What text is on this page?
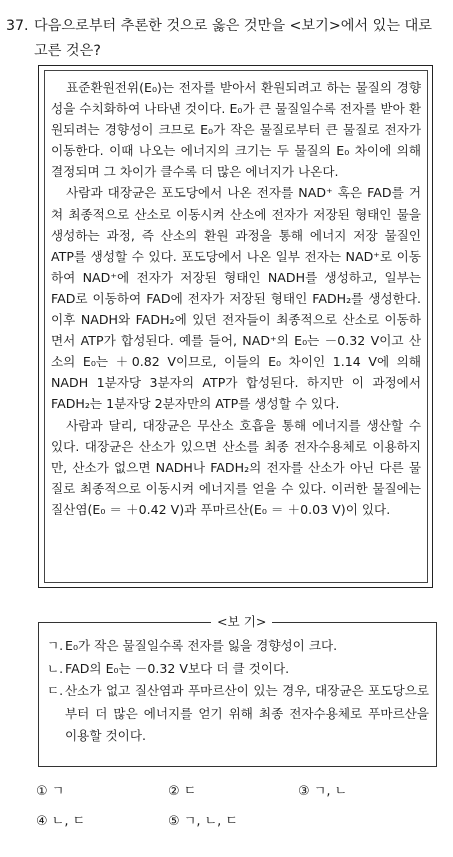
37. 다음으로부터 추론한 것으로 옳은 것만을 <보기>에서 있는 대로
고른 것은?

표준환원전위(E₀)는 전자를 받아서 환원되려고 하는 물질의 경향성을 수치화하여 나타낸 것이다. E₀가 큰 물질일수록 전자를 받아 환원되려는 경향성이 크므로 E₀가 작은 물질로부터 큰 물질로 전자가 이동한다. 이때 나오는 에너지의 크기는 두 물질의 E₀ 차이에 의해 결정되며 그 차이가 클수록 더 많은 에너지가 나온다.

사람과 대장균은 포도당에서 나온 전자를 NAD⁺ 혹은 FAD를 거쳐 최종적으로 산소로 이동시켜 산소에 전자가 저장된 형태인 물을 생성하는 과정, 즉 산소의 환원 과정을 통해 에너지 저장 물질인 ATP를 생성할 수 있다. 포도당에서 나온 일부 전자는 NAD⁺로 이동하여 NAD⁺에 전자가 저장된 형태인 NADH를 생성하고, 일부는 FAD로 이동하여 FAD에 전자가 저장된 형태인 FADH₂를 생성한다. 이후 NADH와 FADH₂에 있던 전자들이 최종적으로 산소로 이동하면서 ATP가 합성된다. 예를 들어, NAD⁺의 E₀는 －0.32 V이고 산소의 E₀는 ＋0.82 V이므로, 이들의 E₀ 차이인 1.14 V에 의해 NADH 1분자당 3분자의 ATP가 합성된다. 하지만 이 과정에서 FADH₂는 1분자당 2분자만의 ATP를 생성할 수 있다.

사람과 달리, 대장균은 무산소 호흡을 통해 에너지를 생산할 수 있다. 대장균은 산소가 있으면 산소를 최종 전자수용체로 이용하지만, 산소가 없으면 NADH나 FADH₂의 전자를 산소가 아닌 다른 물질로 최종적으로 이동시켜 에너지를 얻을 수 있다. 이러한 물질에는 질산염(E₀ ＝ ＋0.42 V)과 푸마르산(E₀ ＝ ＋0.03 V)이 있다.

<보 기>
ㄱ. E₀가 작은 물질일수록 전자를 잃을 경향성이 크다.
ㄴ. FAD의 E₀는 －0.32 V보다 더 클 것이다.
ㄷ. 산소가 없고 질산염과 푸마르산이 있는 경우, 대장균은 포도당으로부터 더 많은 에너지를 얻기 위해 최종 전자수용체로 푸마르산을 이용할 것이다.
① ㄱ	② ㄷ	③ ㄱ, ㄴ
④ ㄴ, ㄷ	⑤ ㄱ, ㄴ, ㄷ
